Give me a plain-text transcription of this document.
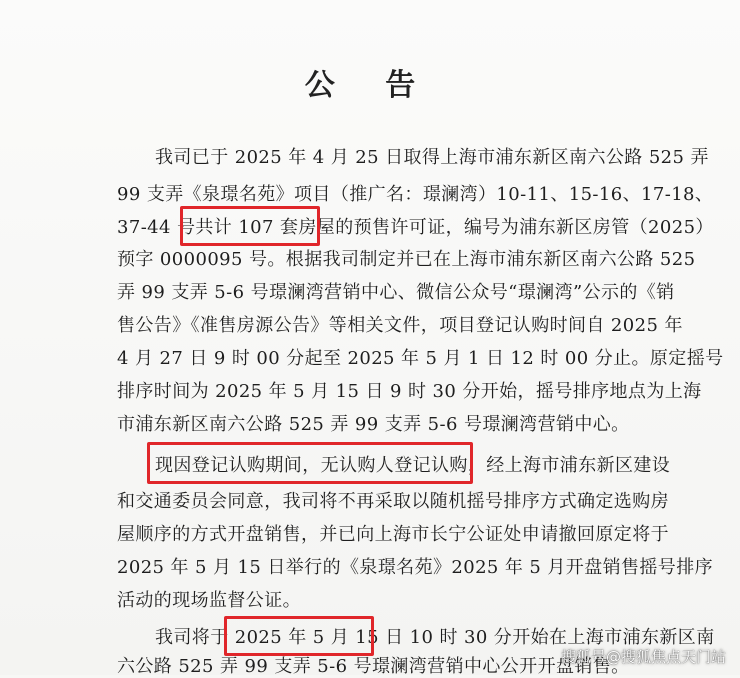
公 告
我司已于 2025 年 4 月 25 日取得上海市浦东新区南六公路 525 弄
99 支弄《泉璟名苑》项目（推广名：璟澜湾）10-11、15-16、17-18、
37-44 号共计 107 套房屋的预售许可证，编号为浦东新区房管（2025）
预字 0000095 号。根据我司制定并已在上海市浦东新区南六公路 525
弄 99 支弄 5-6 号璟澜湾营销中心、微信公众号“璟澜湾”公示的《销
售公告》《准售房源公告》等相关文件，项目登记认购时间自 2025 年
4 月 27 日 9 时 00 分起至 2025 年 5 月 1 日 12 时 00 分止。原定摇号
排序时间为 2025 年 5 月 15 日 9 时 30 分开始，摇号排序地点为上海
市浦东新区南六公路 525 弄 99 支弄 5-6 号璟澜湾营销中心。
现因登记认购期间，无认购人登记认购，经上海市浦东新区建设
和交通委员会同意，我司将不再采取以随机摇号排序方式确定选购房
屋顺序的方式开盘销售，并已向上海市长宁公证处申请撤回原定将于
2025 年 5 月 15 日举行的《泉璟名苑》2025 年 5 月开盘销售摇号排序
活动的现场监督公证。
我司将于 2025 年 5 月 15 日 10 时 30 分开始在上海市浦东新区南
六公路 525 弄 99 支弄 5-6 号璟澜湾营销中心公开开盘销售。
搜狐号@搜狐焦点天门站
